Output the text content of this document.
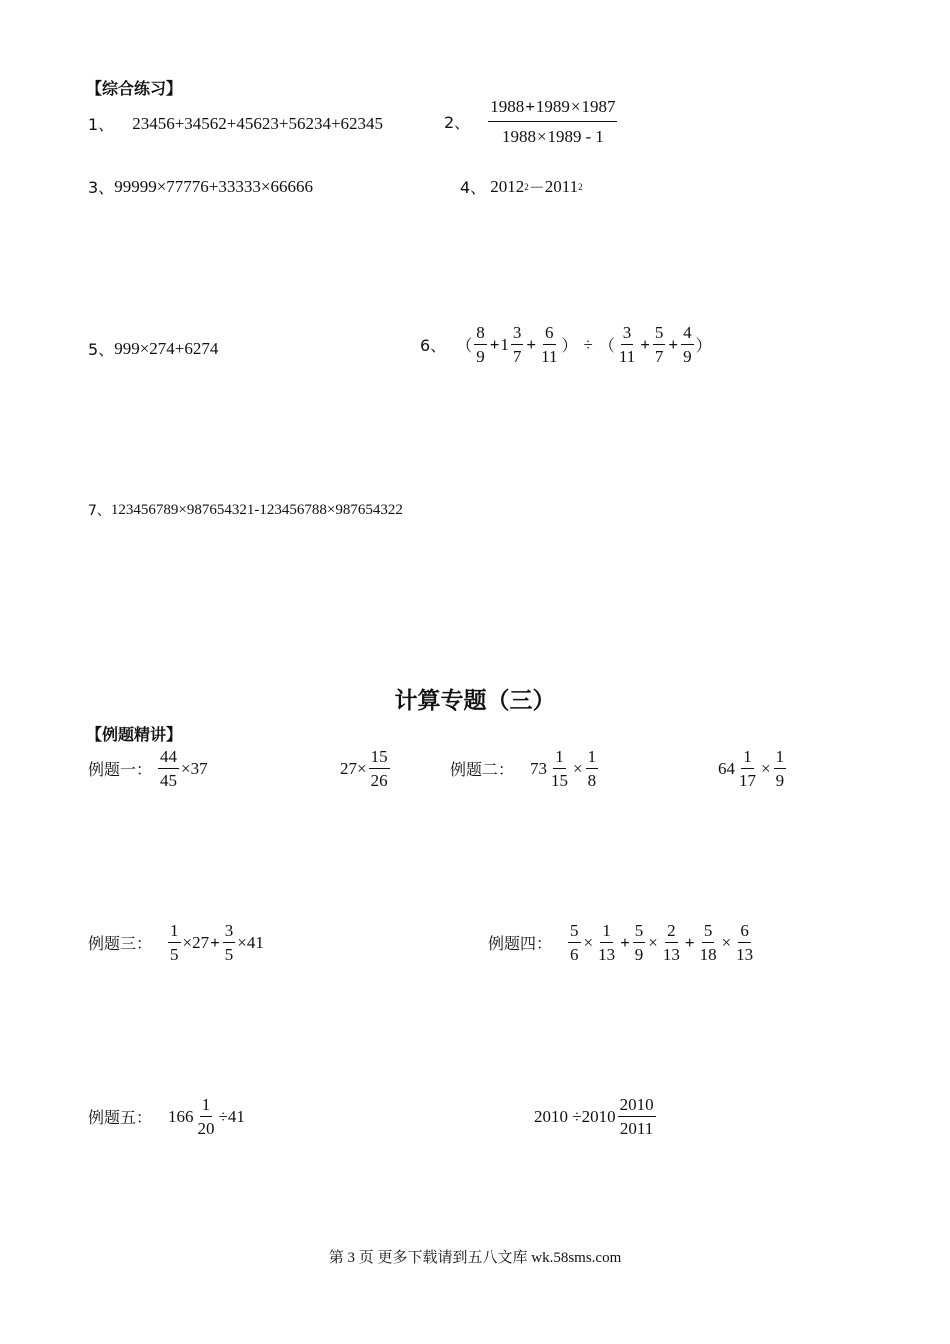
【综合练习】
1、 23456+34562+45623+56234+62345	2、 $\frac{1988+1989\times 1987}{1988\times 1989 - 1}$
3、 99999×77776+33333×66666	4、 2012 2 － 2011 2
5、 999×274+6274	6、 （ $\frac{8}{9} + 1 \frac{3}{7} + \frac{6}{11}$ ） ÷ （ $\frac{3}{11} + \frac{5}{7} + \frac{4}{9}$ ）
7、 123456789×987654321-123456788×987654322
计算专题（三）
【例题精讲】
例题一： $\frac{44}{45} \times 37$	$27\times \frac{15}{26}$	例题二： $73 \frac{1}{15} \times \frac{1}{8}$	$64 \frac{1}{17} \times \frac{1}{9}$
例题三： $\frac{1}{5} \times 27 + \frac{3}{5} \times 41$	例题四： $\frac{5}{6} \times \frac{1}{13} + \frac{5}{9} \times \frac{2}{13} + \frac{5}{18} \times \frac{6}{13}$
例题五： $166 \frac{1}{20} \div 41$	$2010 \div 2010 \frac{2010}{2011}$
第 3 页 更多下载请到五八文库 wk.58sms.com
